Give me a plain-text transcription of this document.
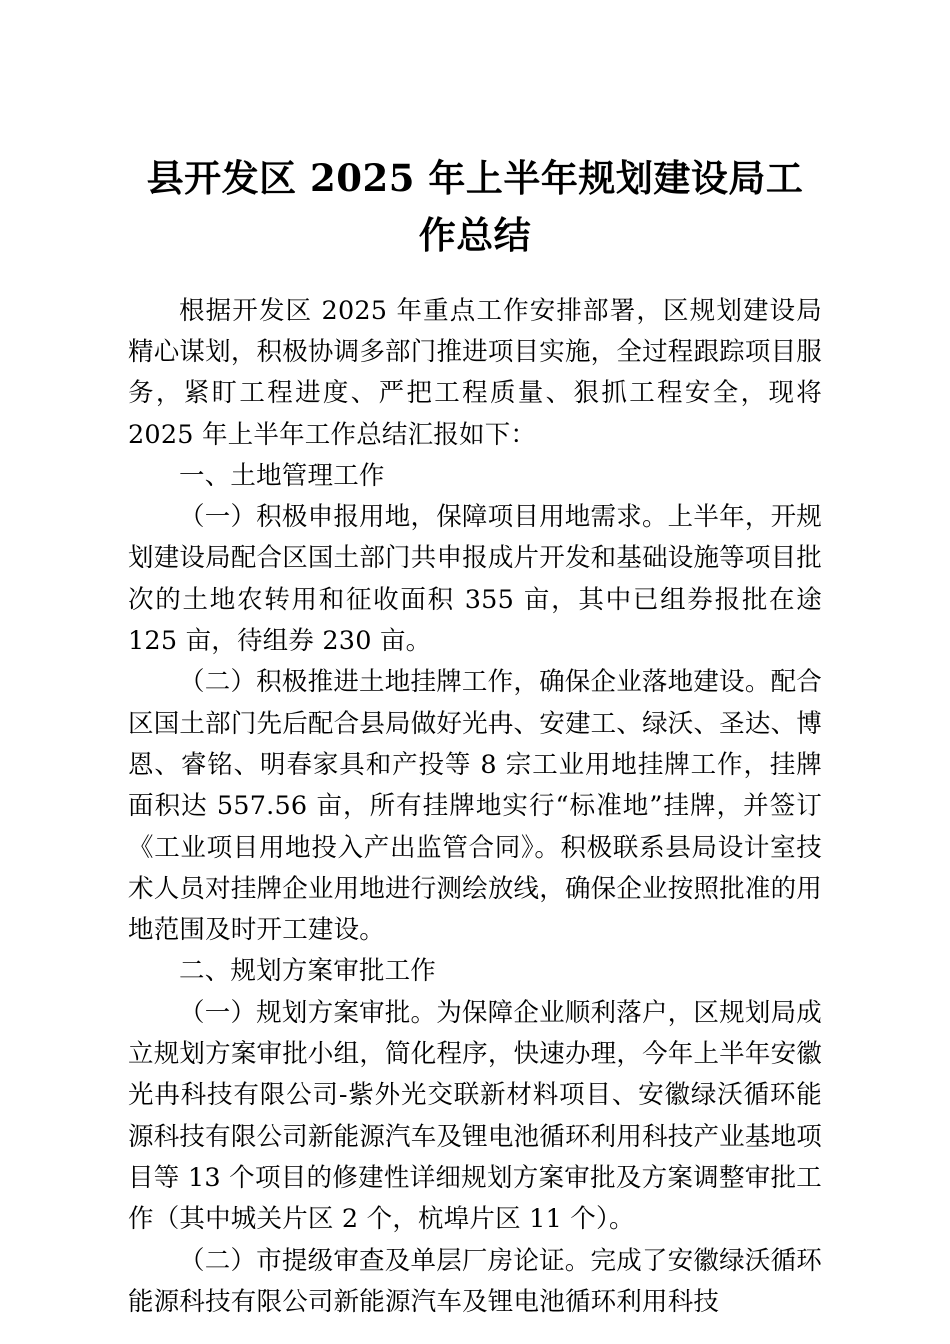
县开发区 2025 年上半年规划建设局工作总结

根据开发区 2025 年重点工作安排部署，区规划建设局精心谋划，积极协调多部门推进项目实施，全过程跟踪项目服务，紧盯工程进度、严把工程质量、狠抓工程安全，现将 2025 年上半年工作总结汇报如下：

一、土地管理工作

（一）积极申报用地，保障项目用地需求。上半年，开规划建设局配合区国土部门共申报成片开发和基础设施等项目批次的土地农转用和征收面积 355 亩，其中已组券报批在途 125 亩，待组券 230 亩。

（二）积极推进土地挂牌工作，确保企业落地建设。配合区国土部门先后配合县局做好光冉、安建工、绿沃、圣达、博恩、睿铭、明春家具和产投等 8 宗工业用地挂牌工作，挂牌面积达 557.56 亩，所有挂牌地实行“标准地”挂牌，并签订《工业项目用地投入产出监管合同》。积极联系县局设计室技术人员对挂牌企业用地进行测绘放线，确保企业按照批准的用地范围及时开工建设。

二、规划方案审批工作

（一）规划方案审批。为保障企业顺利落户，区规划局成立规划方案审批小组，简化程序，快速办理，今年上半年安徽光冉科技有限公司-紫外光交联新材料项目、安徽绿沃循环能源科技有限公司新能源汽车及锂电池循环利用科技产业基地项目等 13 个项目的修建性详细规划方案审批及方案调整审批工作（其中城关片区 2 个，杭埠片区 11 个）。

（二）市提级审查及单层厂房论证。完成了安徽绿沃循环能源科技有限公司新能源汽车及锂电池循环利用科技
